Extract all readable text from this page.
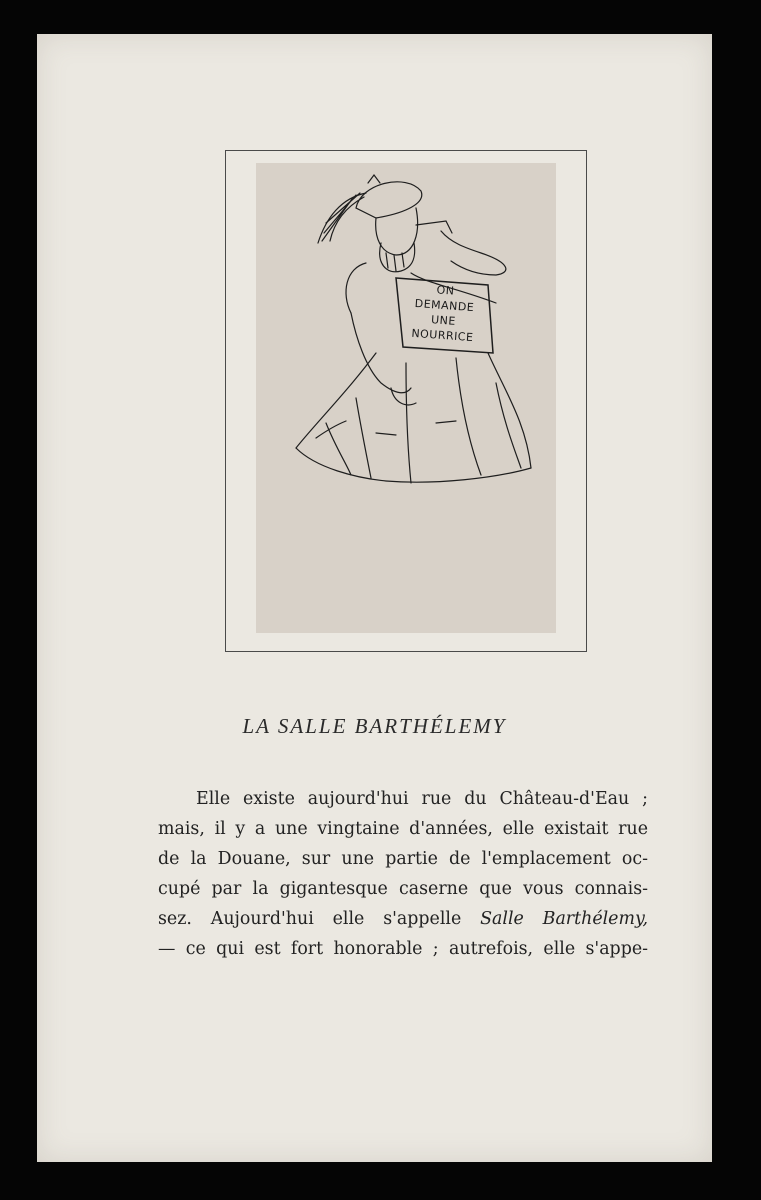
ON
DEMANDE
UNE
NOURRICE
LA SALLE BARTHÉLEMY
Elle existe aujourd'hui rue du Château-d'Eau ;
mais, il y a une vingtaine d'années, elle existait rue
de la Douane, sur une partie de l'emplacement oc-
cupé par la gigantesque caserne que vous connais-
sez. Aujourd'hui elle s'appelle Salle Barthélemy,
— ce qui est fort honorable ; autrefois, elle s'appe-
